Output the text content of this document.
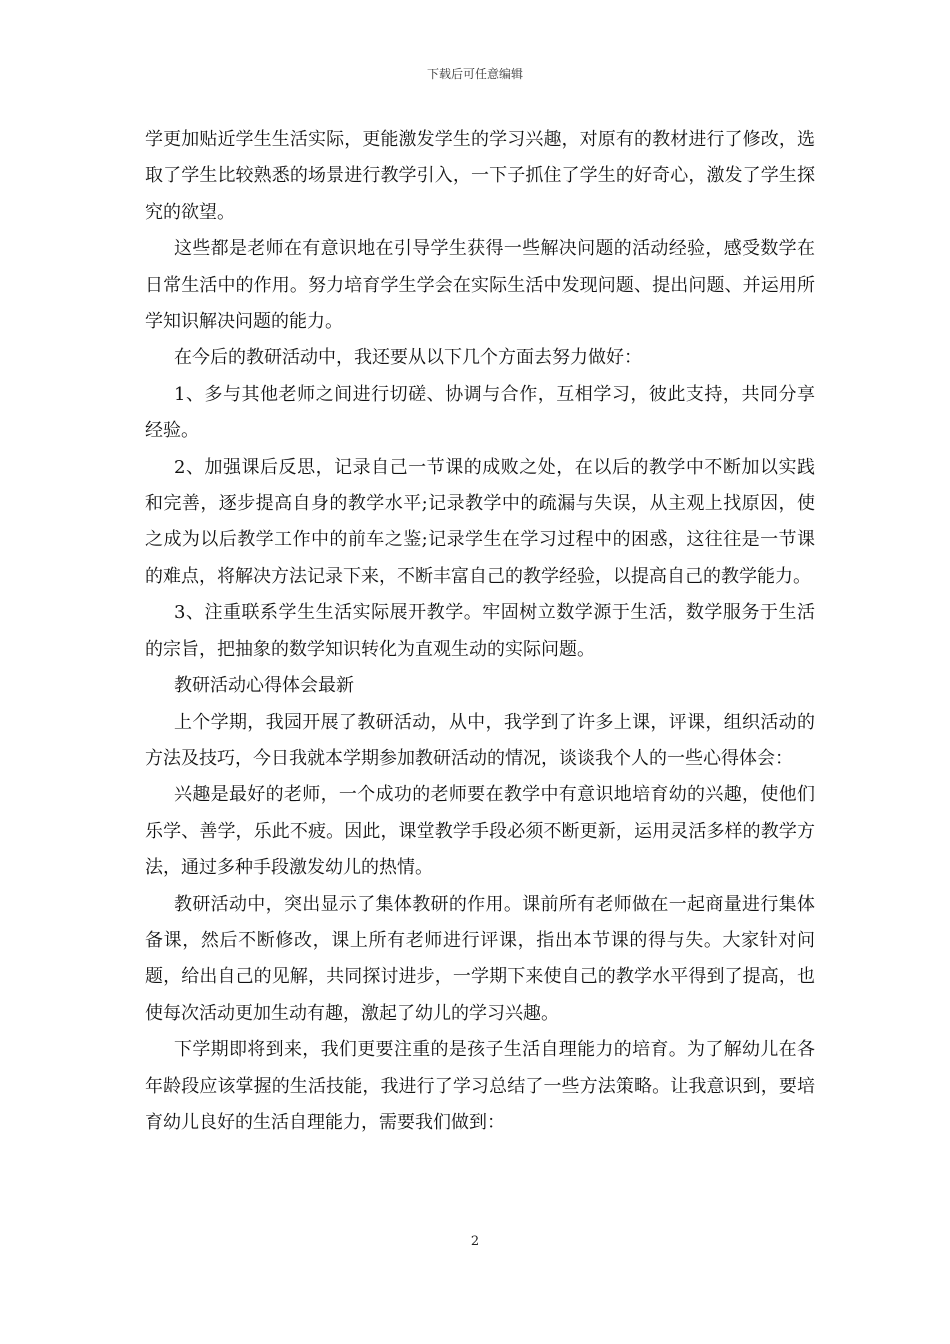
下载后可任意编辑

学更加贴近学生生活实际，更能激发学生的学习兴趣，对原有的教材进行了修改，选取了学生比较熟悉的场景进行教学引入，一下子抓住了学生的好奇心，激发了学生探究的欲望。

这些都是老师在有意识地在引导学生获得一些解决问题的活动经验，感受数学在日常生活中的作用。努力培育学生学会在实际生活中发现问题、提出问题、并运用所学知识解决问题的能力。

在今后的教研活动中，我还要从以下几个方面去努力做好：

1、多与其他老师之间进行切磋、协调与合作，互相学习，彼此支持，共同分享经验。

2、加强课后反思，记录自己一节课的成败之处，在以后的教学中不断加以实践和完善，逐步提高自身的教学水平;记录教学中的疏漏与失误，从主观上找原因，使之成为以后教学工作中的前车之鉴;记录学生在学习过程中的困惑，这往往是一节课的难点，将解决方法记录下来，不断丰富自己的教学经验，以提高自己的教学能力。

3、注重联系学生生活实际展开教学。牢固树立数学源于生活，数学服务于生活的宗旨，把抽象的数学知识转化为直观生动的实际问题。

教研活动心得体会最新

上个学期，我园开展了教研活动，从中，我学到了许多上课，评课，组织活动的方法及技巧，今日我就本学期参加教研活动的情况，谈谈我个人的一些心得体会：

兴趣是最好的老师，一个成功的老师要在教学中有意识地培育幼的兴趣，使他们乐学、善学，乐此不疲。因此，课堂教学手段必须不断更新，运用灵活多样的教学方法，通过多种手段激发幼儿的热情。

教研活动中，突出显示了集体教研的作用。课前所有老师做在一起商量进行集体备课，然后不断修改，课上所有老师进行评课，指出本节课的得与失。大家针对问题，给出自己的见解，共同探讨进步，一学期下来使自己的教学水平得到了提高，也使每次活动更加生动有趣，激起了幼儿的学习兴趣。

下学期即将到来，我们更要注重的是孩子生活自理能力的培育。为了解幼儿在各年龄段应该掌握的生活技能，我进行了学习总结了一些方法策略。让我意识到，要培育幼儿良好的生活自理能力，需要我们做到：

2
